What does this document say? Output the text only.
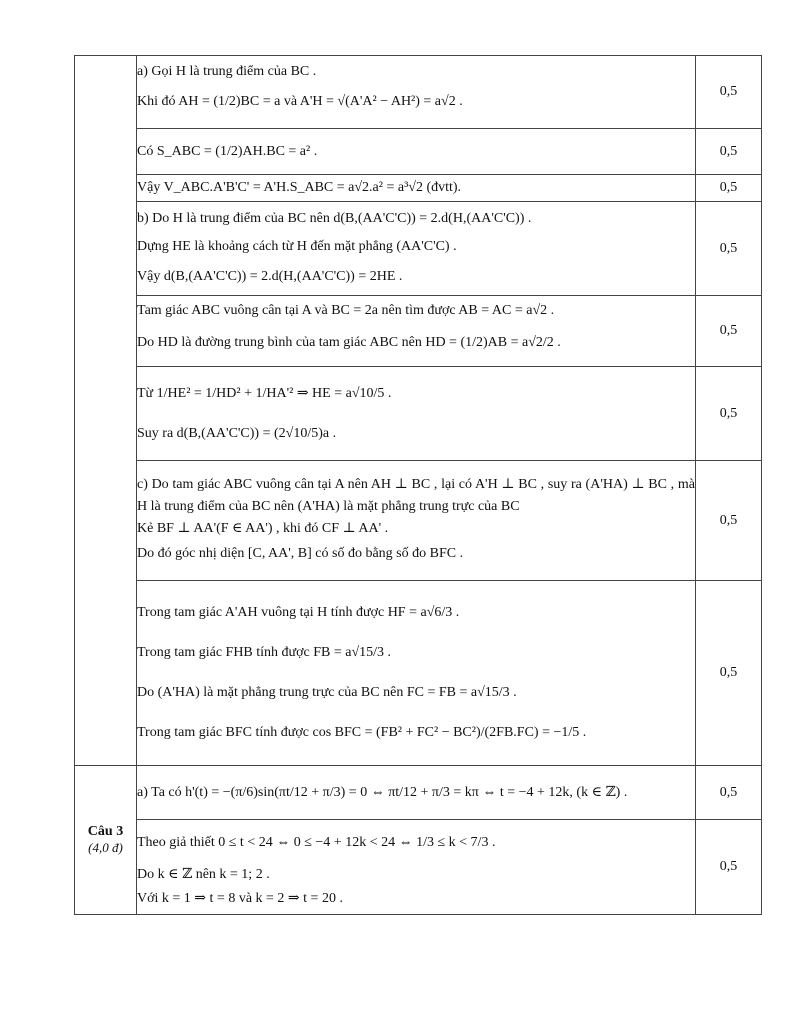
a) Gọi H là trung điểm của BC .
Khi đó AH = (1/2)BC = a và A'H = √(A'A² − AH²) = a√2 .	0,5

Có S_ABC = (1/2)AH.BC = a² .	0,5

Vậy V_ABC.A'B'C' = A'H.S_ABC = a√2.a² = a³√2 (đvtt).	0,5

b) Do H là trung điểm của BC nên d(B,(AA'C'C)) = 2.d(H,(AA'C'C)) .
Dựng HE là khoảng cách từ H đến mặt phẳng (AA'C'C) .
Vậy d(B,(AA'C'C)) = 2.d(H,(AA'C'C)) = 2HE .	0,5

Tam giác ABC vuông cân tại A và BC = 2a nên tìm được AB = AC = a√2 .
Do HD là đường trung bình của tam giác ABC nên HD = (1/2)AB = a√2/2 .	0,5

Từ 1/HE² = 1/HD² + 1/HA'² ⇒ HE = a√10/5 .
Suy ra d(B,(AA'C'C)) = (2√10/5)a .	0,5

c) Do tam giác ABC vuông cân tại A nên AH ⊥ BC , lại có A'H ⊥ BC , suy ra (A'HA) ⊥ BC , mà H là trung điểm của BC nên (A'HA) là mặt phẳng trung trực của BC
Kẻ BF ⊥ AA'(F ∈ AA') , khi đó CF ⊥ AA' .
Do đó góc nhị diện [C, AA', B] có số đo bằng số đo BFC .	0,5

Trong tam giác A'AH vuông tại H tính được HF = a√6/3 .
Trong tam giác FHB tính được FB = a√15/3 .
Do (A'HA) là mặt phẳng trung trực của BC nên FC = FB = a√15/3 .
Trong tam giác BFC tính được cos BFC = (FB² + FC² − BC²)/(2FB.FC) = −1/5 .	0,5

Câu 3
(4,0 đ)	a) Ta có h'(t) = −(π/6)sin(πt/12 + π/3) = 0 ⇔ πt/12 + π/3 = kπ ⇔ t = −4 + 12k, (k ∈ ℤ) .	0,5

Theo giả thiết 0 ≤ t < 24 ⇔ 0 ≤ −4 + 12k < 24 ⇔ 1/3 ≤ k < 7/3 .
Do k ∈ ℤ nên k = 1; 2 .
Với k = 1 ⇒ t = 8 và k = 2 ⇒ t = 20 .	0,5
